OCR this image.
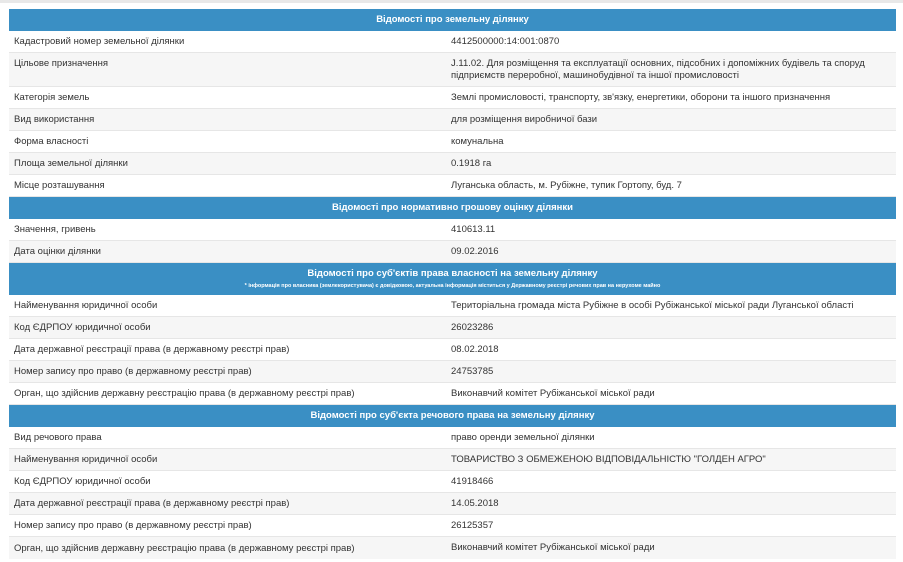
Відомості про земельну ділянку
Кадастровий номер земельної ділянки	4412500000:14:001:0870
Цільове призначення	J.11.02. Для розміщення та експлуатації основних, підсобних і допоміжних будівель та споруд підприємств переробної, машинобудівної та іншої промисловості
Категорія земель	Землі промисловості, транспорту, зв'язку, енергетики, оборони та іншого призначення
Вид використання	для розміщення виробничої бази
Форма власності	комунальна
Площа земельної ділянки	0.1918 га
Місце розташування	Луганська область, м. Рубіжне, тупик Гортопу, буд. 7
Відомості про нормативно грошову оцінку ділянки
Значення, гривень	410613.11
Дата оцінки ділянки	09.02.2016
Відомості про суб'єктів права власності на земельну ділянку
* інформація про власника (землекористувача) є довідковою, актуальна інформація міститься у Державному реєстрі речових прав на нерухоме майно
Найменування юридичної особи	Територіальна громада міста Рубіжне в особі Рубіжанської міської ради Луганської області
Код ЄДРПОУ юридичної особи	26023286
Дата державної реєстрації права (в державному реєстрі прав)	08.02.2018
Номер запису про право (в державному реєстрі прав)	24753785
Орган, що здійснив державну реєстрацію права (в державному реєстрі прав)	Виконавчий комітет Рубіжанської міської ради
Відомості про суб'єкта речового права на земельну ділянку
Вид речового права	право оренди земельної ділянки
Найменування юридичної особи	ТОВАРИСТВО З ОБМЕЖЕНОЮ ВІДПОВІДАЛЬНІСТЮ "ГОЛДЕН АГРО"
Код ЄДРПОУ юридичної особи	41918466
Дата державної реєстрації права (в державному реєстрі прав)	14.05.2018
Номер запису про право (в державному реєстрі прав)	26125357
Орган, що здійснив державну реєстрацію права (в державному реєстрі прав)	Виконавчий комітет Рубіжанської міської ради
